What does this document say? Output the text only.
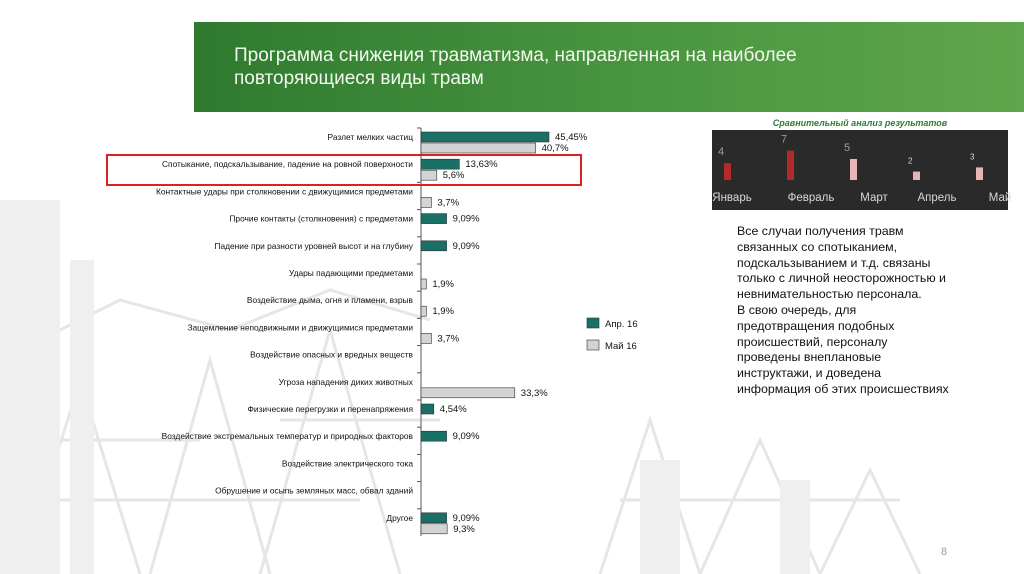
Программа снижения травматизма, направленная на наиболее
повторяющиеся виды травм
Разлет мелких частиц	45,45%
40,7%
Спотыкание, подскальзывание, падение на ровной поверхности	13,63%
5,6%
Контактные удары при столкновении с движущимися предметами
3,7%
Прочие контакты (столкновения) с предметами	9,09%
Падение при разности уровней высот и на глубину	9,09%
Удары падающими предметами
1,9%
Воздействие дыма, огня и пламени, взрыв
1,9%
Защемление неподвижными и движущимися предметами
3,7%
Воздействие опасных и вредных веществ
Угроза нападения диких животных
33,3%
Физические перегрузки и перенапряжения	4,54%
Воздействие экстремальных температур и природных факторов	9,09%
Воздействие электрического тока
Обрушение и осыпь земляных масс, обвал зданий
Другое	9,09%
9,3%
Апр. 16
Май 16
Сравнительный анализ результатов
4
Январь
7
Февраль
5
Март
2
Апрель
3
Май
Все случаи получения травм
связанных со спотыканием,
подскальзыванием и т.д. связаны
только с личной неосторожностью и
невнимательностью персонала.
В свою очередь, для
предотвращения подобных
происшествий, персоналу
проведены внеплановые
инструктажи, и доведена
информация об этих происшествиях
8
